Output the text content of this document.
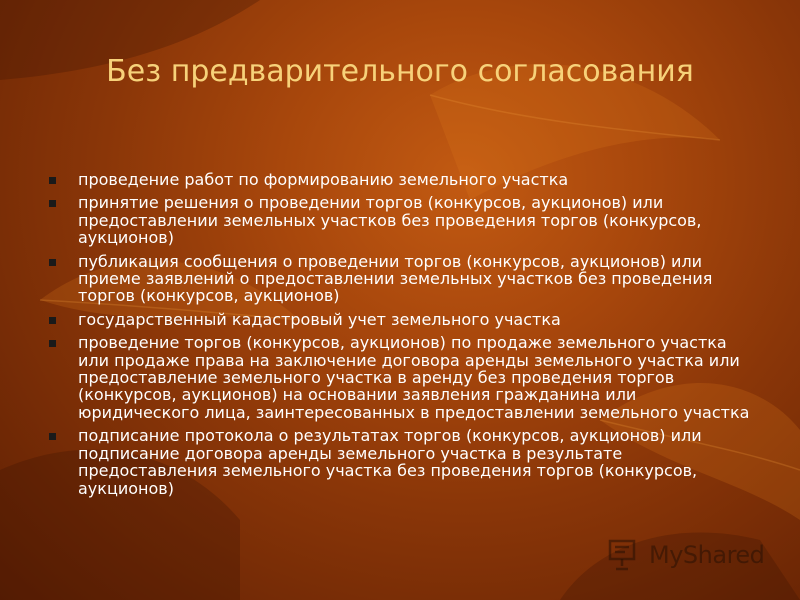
Без предварительного согласования
проведение работ по формированию земельного участка
принятие решения о проведении торгов (конкурсов, аукционов) или предоставлении земельных участков без проведения торгов (конкурсов, аукционов)
публикация сообщения о проведении торгов (конкурсов, аукционов) или приеме заявлений о предоставлении земельных участков без проведения торгов (конкурсов, аукционов)
государственный кадастровый учет земельного участка
проведение торгов (конкурсов, аукционов) по продаже земельного участка или продаже права на заключение договора аренды земельного участка или предоставление земельного участка в аренду без проведения торгов (конкурсов, аукционов) на основании заявления гражданина или юридического лица, заинтересованных в предоставлении земельного участка
подписание протокола о результатах торгов (конкурсов, аукционов) или подписание договора аренды земельного участка в результате предоставления земельного участка без проведения торгов (конкурсов, аукционов)
MyShared
